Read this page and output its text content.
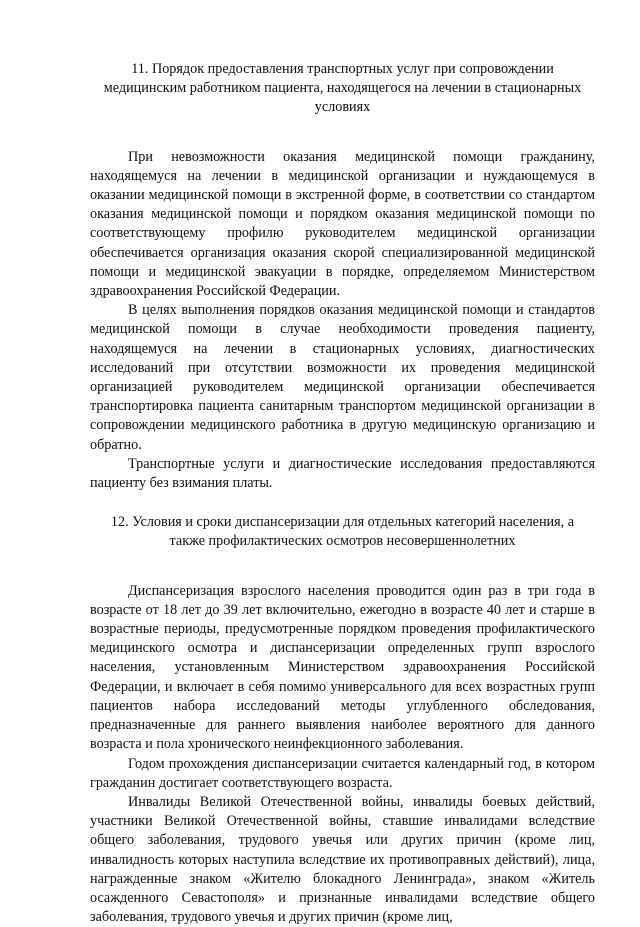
11. Порядок предоставления транспортных услуг при сопровождении медицинским работником пациента, находящегося на лечении в стационарных условиях

При невозможности оказания медицинской помощи гражданину, находящемуся на лечении в медицинской организации и нуждающемуся в оказании медицинской помощи в экстренной форме, в соответствии со стандартом оказания медицинской помощи и порядком оказания медицинской помощи по соответствующему профилю руководителем медицинской организации обеспечивается организация оказания скорой специализированной медицинской помощи и медицинской эвакуации в порядке, определяемом Министерством здравоохранения Российской Федерации.

В целях выполнения порядков оказания медицинской помощи и стандартов медицинской помощи в случае необходимости проведения пациенту, находящемуся на лечении в стационарных условиях, диагностических исследований при отсутствии возможности их проведения медицинской организацией руководителем медицинской организации обеспечивается транспортировка пациента санитарным транспортом медицинской организации в сопровождении медицинского работника в другую медицинскую организацию и обратно.

Транспортные услуги и диагностические исследования предоставляются пациенту без взимания платы.

12. Условия и сроки диспансеризации для отдельных категорий населения, а также профилактических осмотров несовершеннолетних

Диспансеризация взрослого населения проводится один раз в три года в возрасте от 18 лет до 39 лет включительно, ежегодно в возрасте 40 лет и старше в возрастные периоды, предусмотренные порядком проведения профилактического медицинского осмотра и диспансеризации определенных групп взрослого населения, установленным Министерством здравоохранения Российской Федерации, и включает в себя помимо универсального для всех возрастных групп пациентов набора исследований методы углубленного обследования, предназначенные для раннего выявления наиболее вероятного для данного возраста и пола хронического неинфекционного заболевания.

Годом прохождения диспансеризации считается календарный год, в котором гражданин достигает соответствующего возраста.

Инвалиды Великой Отечественной войны, инвалиды боевых действий, участники Великой Отечественной войны, ставшие инвалидами вследствие общего заболевания, трудового увечья или других причин (кроме лиц, инвалидность которых наступила вследствие их противоправных действий), лица, награжденные знаком «Жителю блокадного Ленинграда», знаком «Житель осажденного Севастополя» и признанные инвалидами вследствие общего заболевания, трудового увечья и других причин (кроме лиц,
